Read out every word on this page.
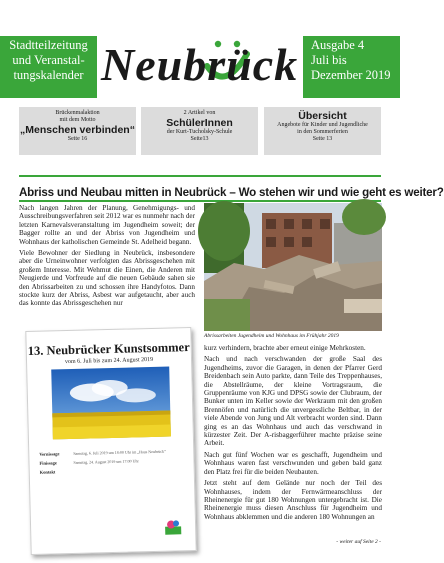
Stadtteilzeitung
und Veranstal-
tungskalender Neubrück Ausgabe 4
Juli bis
Dezember 2019
Brückenmalaktion
mit dem Motto
„Menschen verbinden“
Seite 16
2 Artikel von
SchülerInnen
der Kurt-Tucholsky-Schule
Seite13
Übersicht
Angebote für Kinder und Jugendliche
in den Sommerferien
Seite 13
Abriss und Neubau mitten in Neubrück – Wo stehen wir und wie geht es weiter?

Nach langen Jahren der Planung, Genehmigungs- und Ausschreibungsverfahren seit 2012 war es nunmehr nach der letzten Karnevalsveranstaltung im Jugendheim soweit; der Bagger rollte an und der Abriss von Jugendheim und Wohnhaus der katholischen Gemeinde St. Adelheid begann.

Viele Bewohner der Siedlung in Neubrück, insbesondere aber die Urneinwohner verfolgten das Abrissgeschehen mit großem Interesse. Mit Wehmut die Einen, die Anderen mit Neugierde und Vorfreude auf die neuen Gebäude sahen sie den Abrissarbeiten zu und schossen ihre Handyfotos. Dann stockte kurz der Abriss, Asbest war aufgetaucht, aber auch das konnte das Abrissgeschehen nur

Abrissarbeiten Jugendheim und Wohnhaus im Frühjahr 2019

kurz verhindern, brachte aber erneut einige Mehrkosten.

Nach und nach verschwanden der große Saal des Jugendheims, zuvor die Garagen, in denen der Pfarrer Gerd Breidenbach sein Auto parkte, dann Teile des Treppenhauses, die Abstellräume, der kleine Vortragsraum, die Gruppenräume von KJG und DPSG sowie der Clubraum, der Bunker unten im Keller sowie der Werkraum mit den großen Brennöfen und natürlich die unvergessliche Beltbar, in der viele Abende von Jung und Alt verbracht worden sind. Dann ging es an das Wohnhaus und auch das verschwand in kürzester Zeit. Der A-risbaggerführer machte präzise seine Arbeit.

Nach gut fünf Wochen war es geschafft, Jugendheim und Wohnhaus waren fast verschwunden und geben bald ganz den Platz frei für die beiden Neubauten.

Jetzt steht auf dem Gelände nur noch der Teil des Wohnhauses, indem der Fernwärmeanschluss der Rheinenergie für gut 180 Wohnungen untergebracht ist. Die Rheinenergie muss diesen Anschluss für Jugendheim und Wohnhaus abklemmen und die anderen 180 Wohnungen an

13. Neubrücker Kunstsommer
vom 6. Juli bis zum 24. August 2019
Vernissage	Samstag, 6. Juli 2019 um 18:00 Uhr im „Haus Neubrück“
Finissage	Samstag, 24. August 2019 um 17:00 Uhr
Kontakt
- weiter auf Seite 2 -
